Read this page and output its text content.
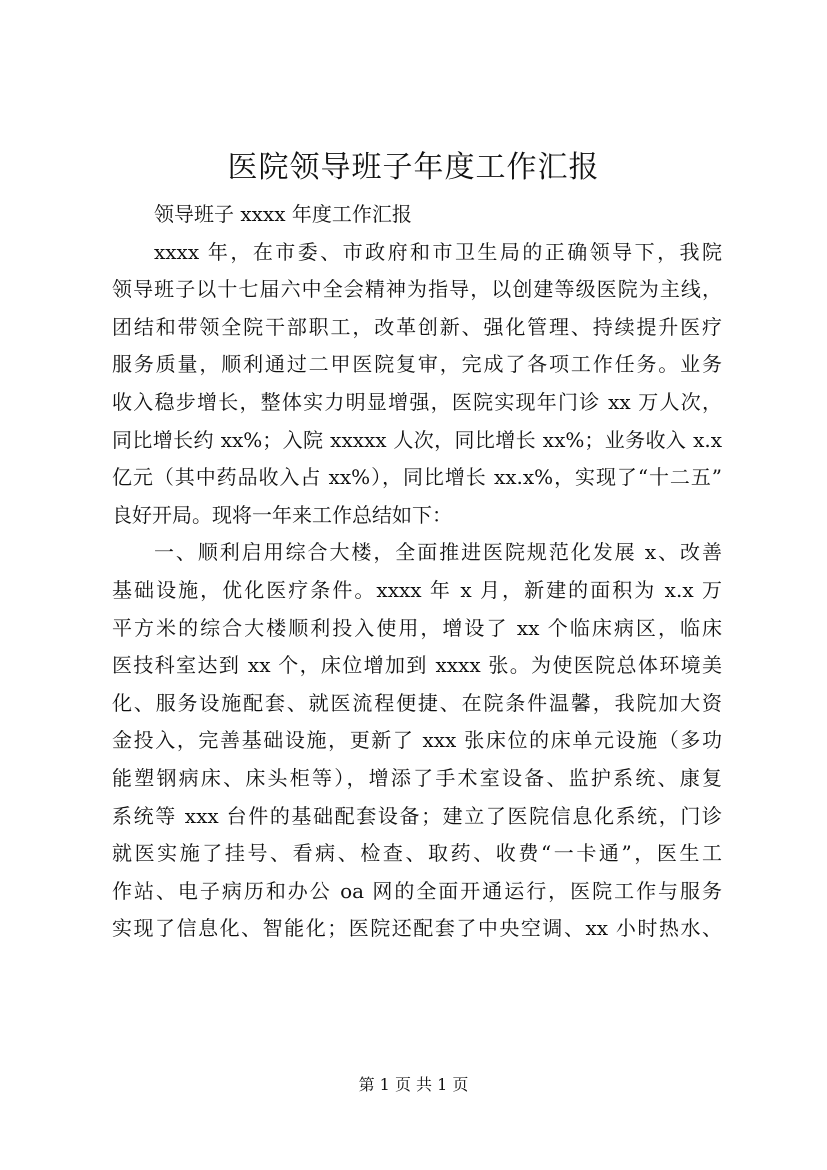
医院领导班子年度工作汇报
领导班子 xxxx 年度工作汇报
xxxx 年，在市委、市政府和市卫生局的正确领导下，我院
领导班子以十七届六中全会精神为指导，以创建等级医院为主线，
团结和带领全院干部职工，改革创新、强化管理、持续提升医疗
服务质量，顺利通过二甲医院复审，完成了各项工作任务。业务
收入稳步增长，整体实力明显增强，医院实现年门诊 xx 万人次，
同比增长约 xx%；入院 xxxxx 人次，同比增长 xx%；业务收入 x.x
亿元（其中药品收入占 xx%），同比增长 xx.x%，实现了“十二五”
良好开局。现将一年来工作总结如下：
一、顺利启用综合大楼，全面推进医院规范化发展 x、改善
基础设施，优化医疗条件。xxxx 年 x 月，新建的面积为 x.x 万
平方米的综合大楼顺利投入使用，增设了 xx 个临床病区，临床
医技科室达到 xx 个，床位增加到 xxxx 张。为使医院总体环境美
化、服务设施配套、就医流程便捷、在院条件温馨，我院加大资
金投入，完善基础设施，更新了 xxx 张床位的床单元设施（多功
能塑钢病床、床头柜等），增添了手术室设备、监护系统、康复
系统等 xxx 台件的基础配套设备；建立了医院信息化系统，门诊
就医实施了挂号、看病、检查、取药、收费“一卡通”，医生工
作站、电子病历和办公 oa 网的全面开通运行，医院工作与服务
实现了信息化、智能化；医院还配套了中央空调、xx 小时热水、
第 1 页 共 1 页
